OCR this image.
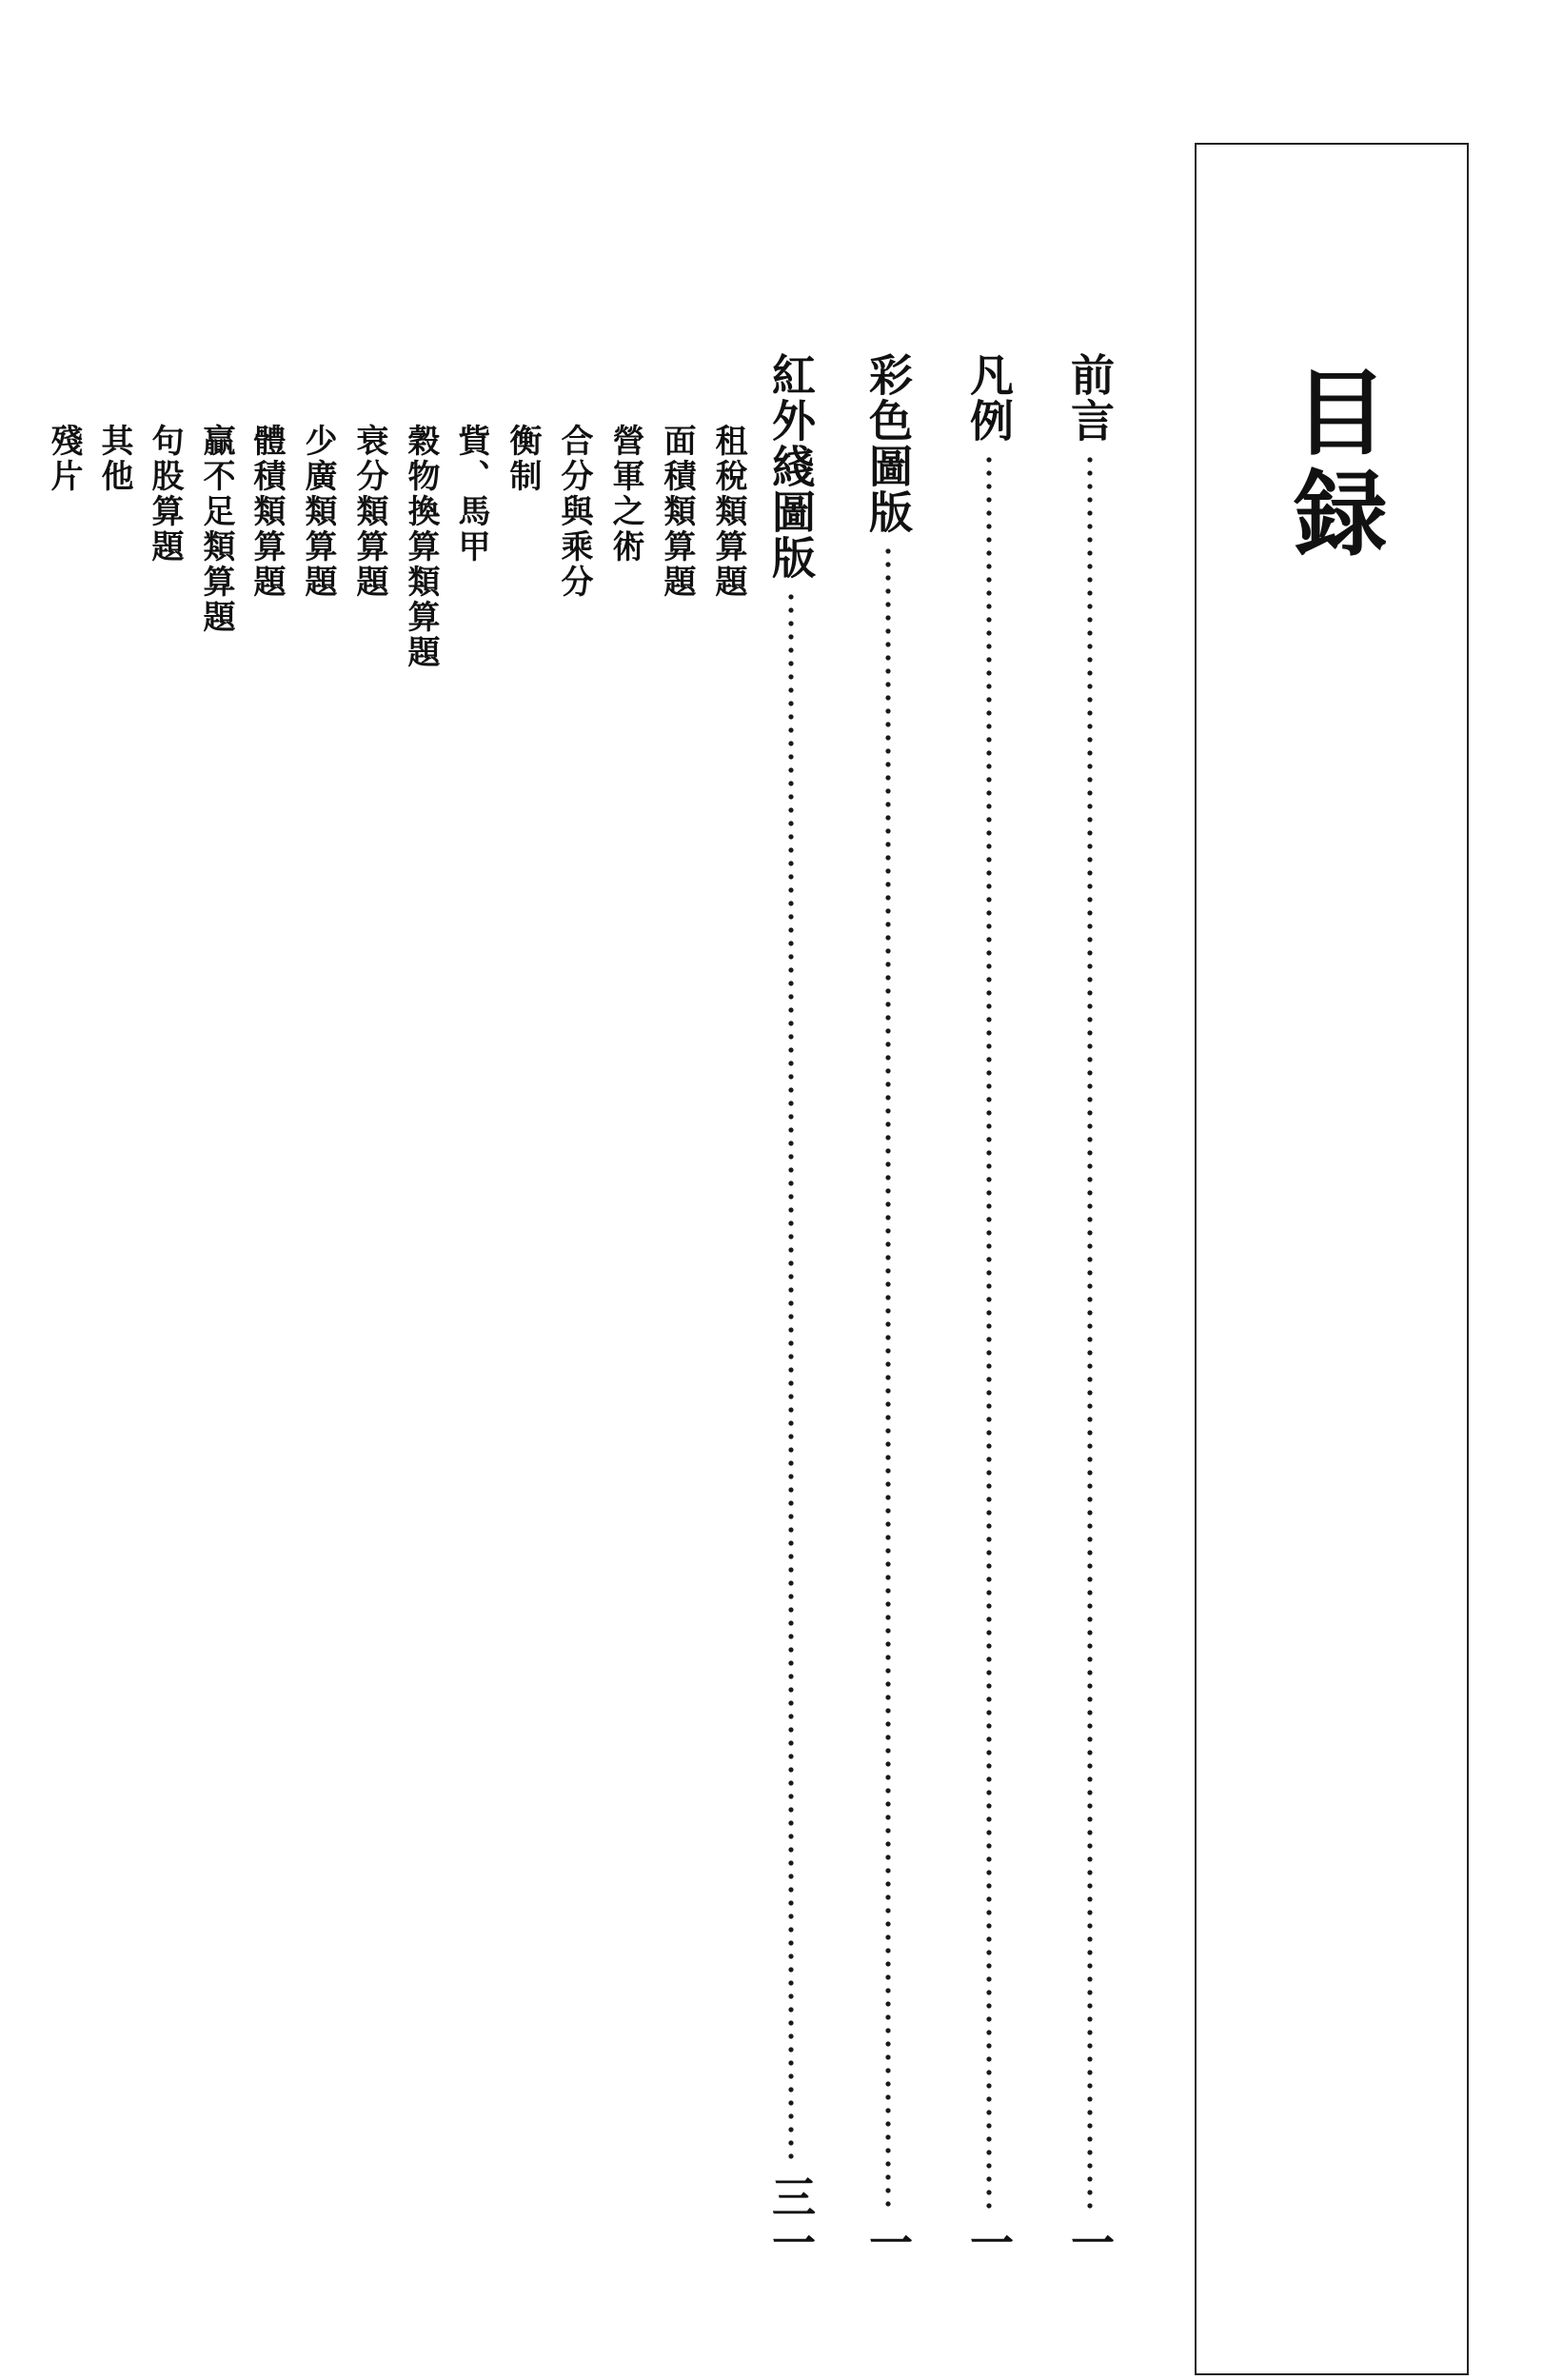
目録
前言
一
凡例
一
彩色圖版
一
紅外綫圖版
三一
租稅類算題
面積類算題
營軍之術
合分與乘分
衡制
貲、馬甲
穀物換算類算題
衰分類算題
少廣類算題
體積類算題
贏不足類算題
句股算題
其他
殘片
